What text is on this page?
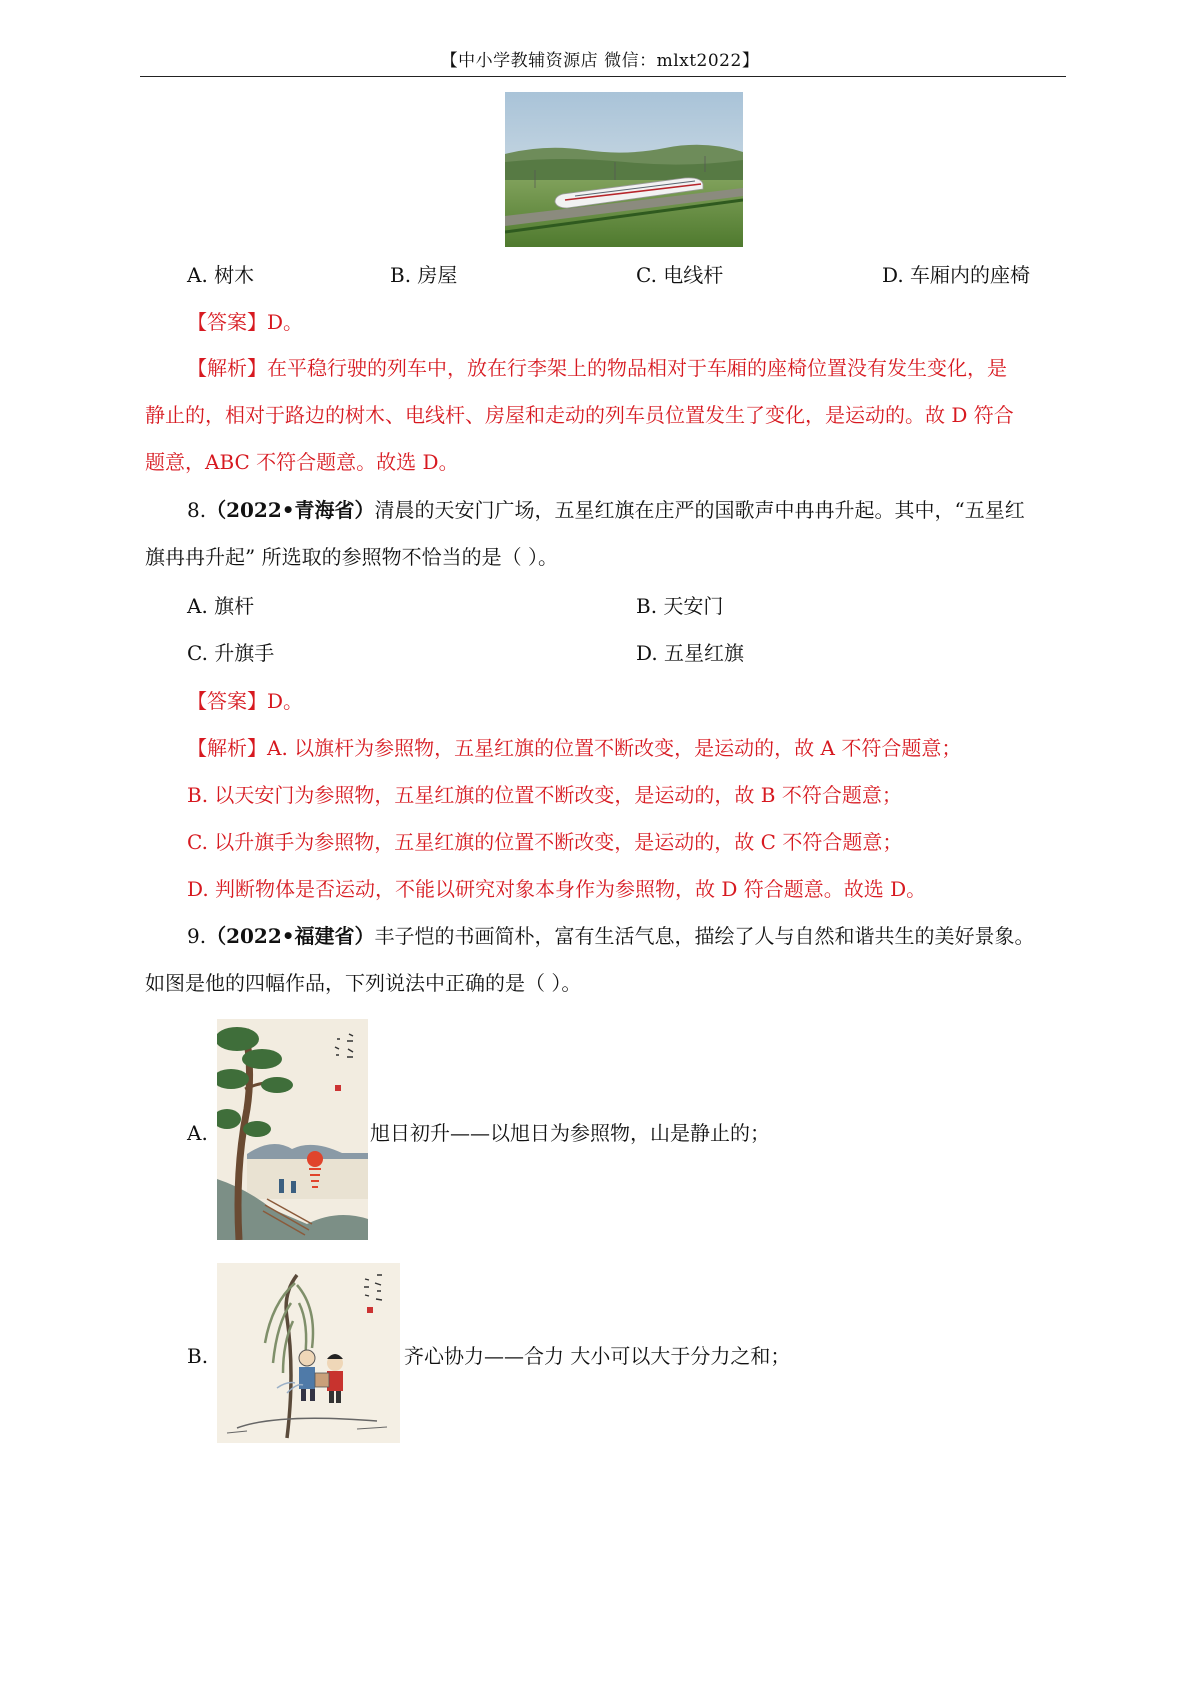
【中小学教辅资源店 微信：mlxt2022】
A. 树木	B. 房屋	C. 电线杆	D. 车厢内的座椅
【答案】D。
【解析】在平稳行驶的列车中，放在行李架上的物品相对于车厢的座椅位置没有发生变化，是
静止的，相对于路边的树木、电线杆、房屋和走动的列车员位置发生了变化，是运动的。故 D 符合
题意，ABC 不符合题意。故选 D。
8.（2022•青海省）清晨的天安门广场，五星红旗在庄严的国歌声中冉冉升起。其中，“五星红
旗冉冉升起” 所选取的参照物不恰当的是（ ）。
A. 旗杆	B. 天安门
C. 升旗手	D. 五星红旗
【答案】D。
【解析】A. 以旗杆为参照物，五星红旗的位置不断改变，是运动的，故 A 不符合题意；
B. 以天安门为参照物，五星红旗的位置不断改变，是运动的，故 B 不符合题意；
C. 以升旗手为参照物，五星红旗的位置不断改变，是运动的，故 C 不符合题意；
D. 判断物体是否运动，不能以研究对象本身作为参照物，故 D 符合题意。故选 D。
9.（2022•福建省）丰子恺的书画简朴，富有生活气息，描绘了人与自然和谐共生的美好景象。
如图是他的四幅作品，下列说法中正确的是（ ）。
A.	旭日初升——以旭日为参照物，山是静止的；
B.	齐心协力——合力 大小可以大于分力之和；
